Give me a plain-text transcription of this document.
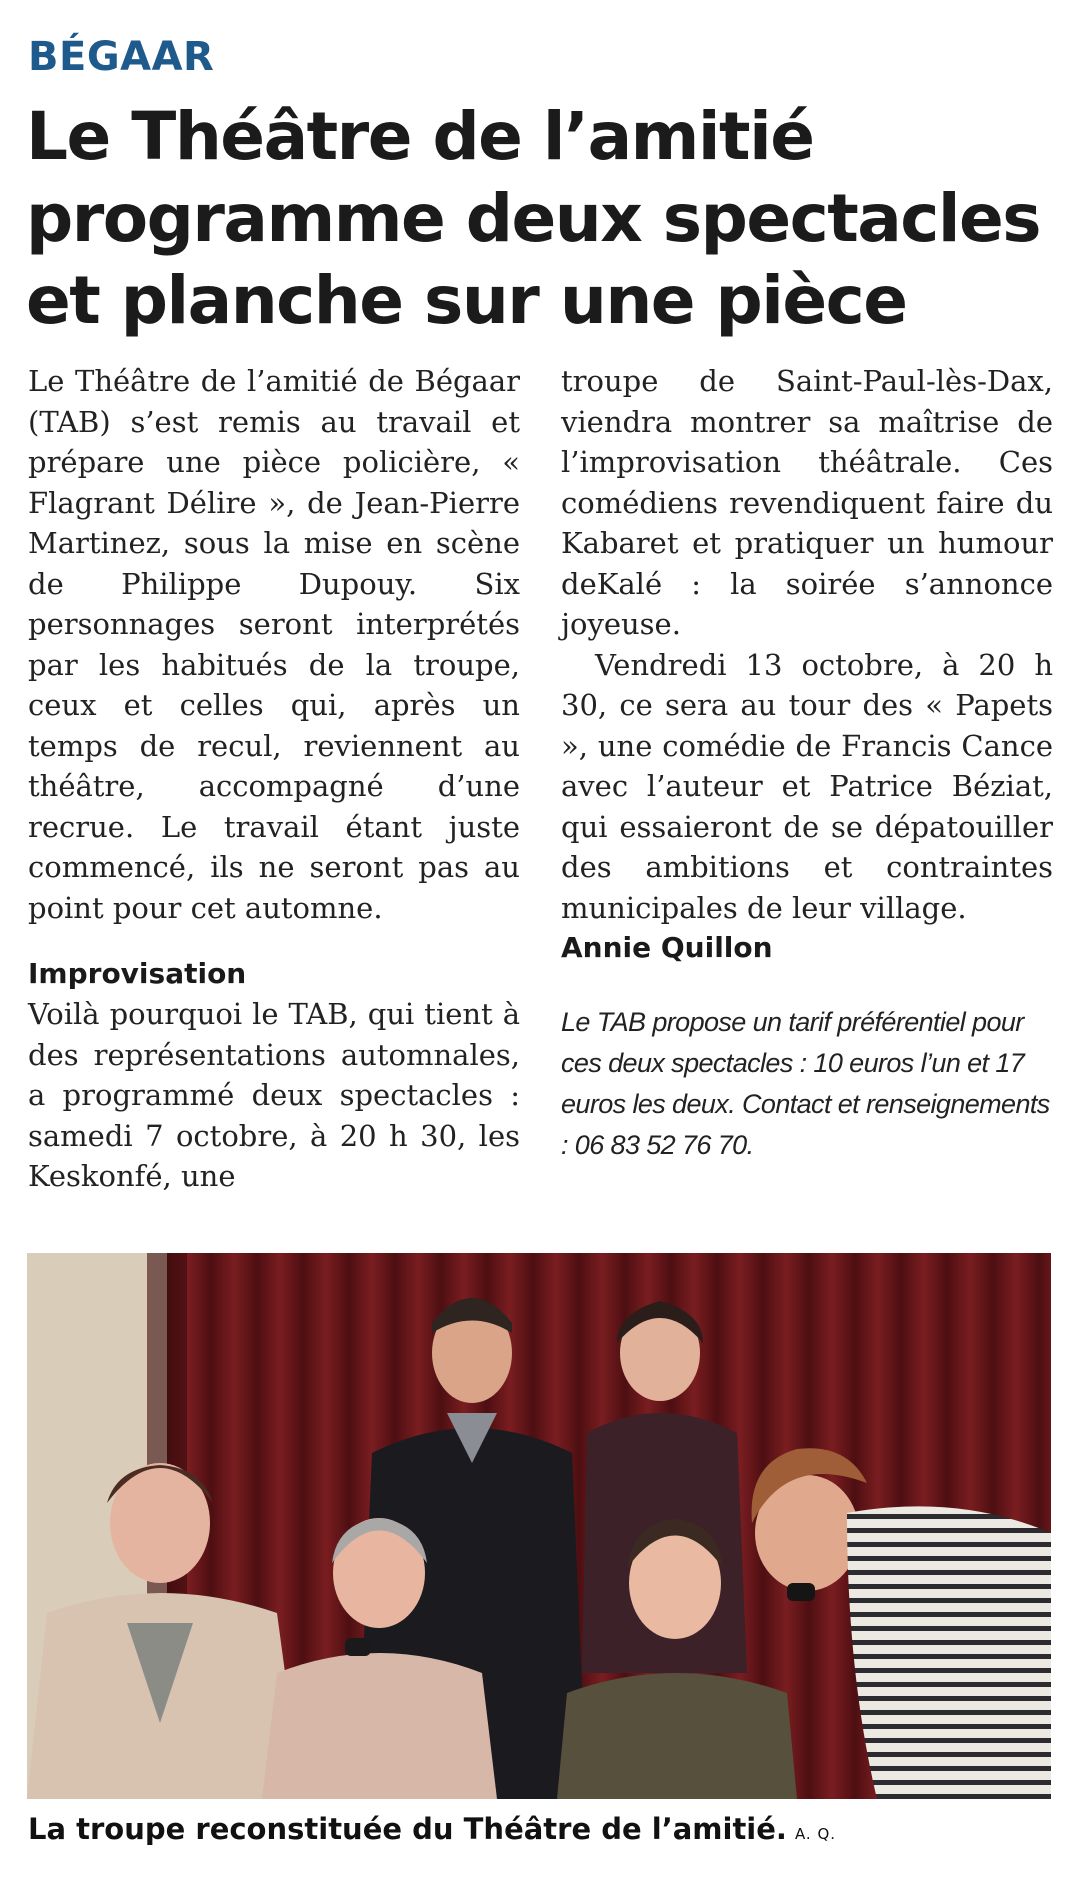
BÉGAAR
Le Théâtre de l’amitié
programme deux spectacles
et planche sur une pièce

Le Théâtre de l’amitié de Bégaar (TAB) s’est remis au travail et prépare une pièce policière, « Flagrant Délire », de Jean-Pierre Martinez, sous la mise en scène de Philippe Dupouy. Six personnages seront interprétés par les habitués de la troupe, ceux et celles qui, après un temps de recul, reviennent au théâtre, accompagné d’une recrue. Le travail étant juste commencé, ils ne seront pas au point pour cet automne.

Improvisation

Voilà pourquoi le TAB, qui tient à des représentations automnales, a programmé deux spectacles : samedi 7 octobre, à 20 h 30, les Keskonfé, une

troupe de Saint-Paul-lès-Dax, viendra montrer sa maîtrise de l’improvisation théâtrale. Ces comédiens revendiquent faire du Kabaret et pratiquer un humour deKalé : la soirée s’annonce joyeuse.

Vendredi 13 octobre, à 20 h 30, ce sera au tour des « Papets », une comédie de Francis Cance avec l’auteur et Patrice Béziat, qui essaieront de se dépatouiller des ambitions et contraintes municipales de leur village.

Annie Quillon

Le TAB propose un tarif préférentiel pour ces deux spectacles : 10 euros l’un et 17 euros les deux. Contact et renseignements : 06 83 52 76 70.

La troupe reconstituée du Théâtre de l’amitié. A. Q.
